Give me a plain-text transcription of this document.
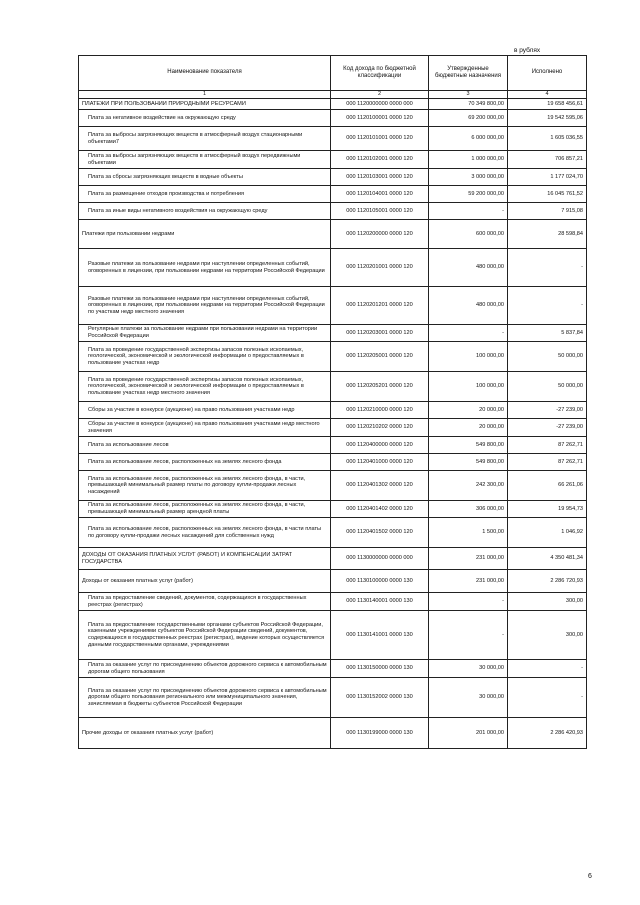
в рублях
Наименование показателя	Код дохода по бюджетной классификации	Утвержденные бюджетные назначения	Исполнено
1	2	3	4
ПЛАТЕЖИ ПРИ ПОЛЬЗОВАНИИ ПРИРОДНЫМИ РЕСУРСАМИ	000 1120000000 0000 000	70 349 800,00	19 658 456,61
Плата за негативное воздействие на окружающую среду	000 1120100001 0000 120	69 200 000,00	19 542 595,06
Плата за выбросы загрязняющих веществ в атмосферный воздух стационарными объектами7	000 1120101001 0000 120	6 000 000,00	1 605 036,55
Плата за выбросы загрязняющих веществ в атмосферный воздух передвижными объектами	000 1120102001 0000 120	1 000 000,00	706 857,21
Плата за сбросы загрязняющих веществ в водные объекты	000 1120103001 0000 120	3 000 000,00	1 177 024,70
Плата за размещение отходов производства и потребления	000 1120104001 0000 120	59 200 000,00	16 045 761,52
Плата за иные виды негативного воздействия на окружающую среду	000 1120105001 0000 120	-	7 915,08
Платежи при пользовании недрами	000 1120200000 0000 120	600 000,00	28 598,84
Разовые платежи за пользование недрами при наступлении определенных событий, оговоренных в лицензии, при пользовании недрами на территории Российской Федерации	000 1120201001 0000 120	480 000,00	-
Разовые платежи за пользование недрами при наступлении определенных событий, оговоренных в лицензии, при пользовании недрами на территории Российской Федерации по участкам недр местного значения	000 1120201201 0000 120	480 000,00	-
Регулярные платежи за пользование недрами при пользовании недрами на территории Российской Федерации	000 1120203001 0000 120	-	5 837,84
Плата за проведение государственной экспертизы запасов полезных ископаемых, геологической, экономической и экологической информации о предоставляемых в пользование участках недр	000 1120205001 0000 120	100 000,00	50 000,00
Плата за проведение государственной экспертизы запасов полезных ископаемых, геологической, экономической и экологической информации о предоставляемых в пользование участках недр местного значения	000 1120205201 0000 120	100 000,00	50 000,00
Сборы за участие в конкурсе (аукционе) на право пользования участками недр	000 1120210000 0000 120	20 000,00	-27 239,00
Сборы за участие в конкурсе (аукционе) на право пользования участками недр местного значения	000 1120210202 0000 120	20 000,00	-27 239,00
Плата за использование лесов	000 1120400000 0000 120	549 800,00	87 262,71
Плата за использование лесов, расположенных на землях лесного фонда	000 1120401000 0000 120	549 800,00	87 262,71
Плата за использование лесов, расположенных на землях лесного фонда, в части, превышающей минимальный размер платы по договору купли-продажи лесных насаждений	000 1120401302 0000 120	242 300,00	66 261,06
Плата за использование лесов, расположенных на землях лесного фонда, в части, превышающей минимальный размер арендной платы	000 1120401402 0000 120	306 000,00	19 954,73
Плата за использование лесов, расположенных на землях лесного фонда, в части платы по договору купли-продажи лесных насаждений для собственных нужд	000 1120401502 0000 120	1 500,00	1 046,92
ДОХОДЫ ОТ ОКАЗАНИЯ ПЛАТНЫХ УСЛУГ (РАБОТ) И КОМПЕНСАЦИИ ЗАТРАТ ГОСУДАРСТВА	000 1130000000 0000 000	231 000,00	4 350 481,34
Доходы от оказания платных услуг (работ)	000 1130100000 0000 130	231 000,00	2 286 720,93
Плата за предоставление сведений, документов, содержащихся в государственных реестрах (регистрах)	000 1130140001 0000 130	-	300,00
Плата за предоставление государственными органами субъектов Российской Федерации, казенными учреждениями субъектов Российской Федерации сведений, документов, содержащихся в государственных реестрах (регистрах), ведение которых осуществляется данными государственными органами, учреждениями	000 1130141001 0000 130	-	300,00
Плата за оказание услуг по присоединению объектов дорожного сервиса к автомобильным дорогам общего пользования	000 1130150000 0000 130	30 000,00	-
Плата за оказание услуг по присоединению объектов дорожного сервиса к автомобильным дорогам общего пользования регионального или межмуниципального значения, зачисляемая в бюджеты субъектов Российской Федерации	000 1130152002 0000 130	30 000,00	-
Прочие доходы от оказания платных услуг (работ)	000 1130199000 0000 130	201 000,00	2 286 420,93
6
